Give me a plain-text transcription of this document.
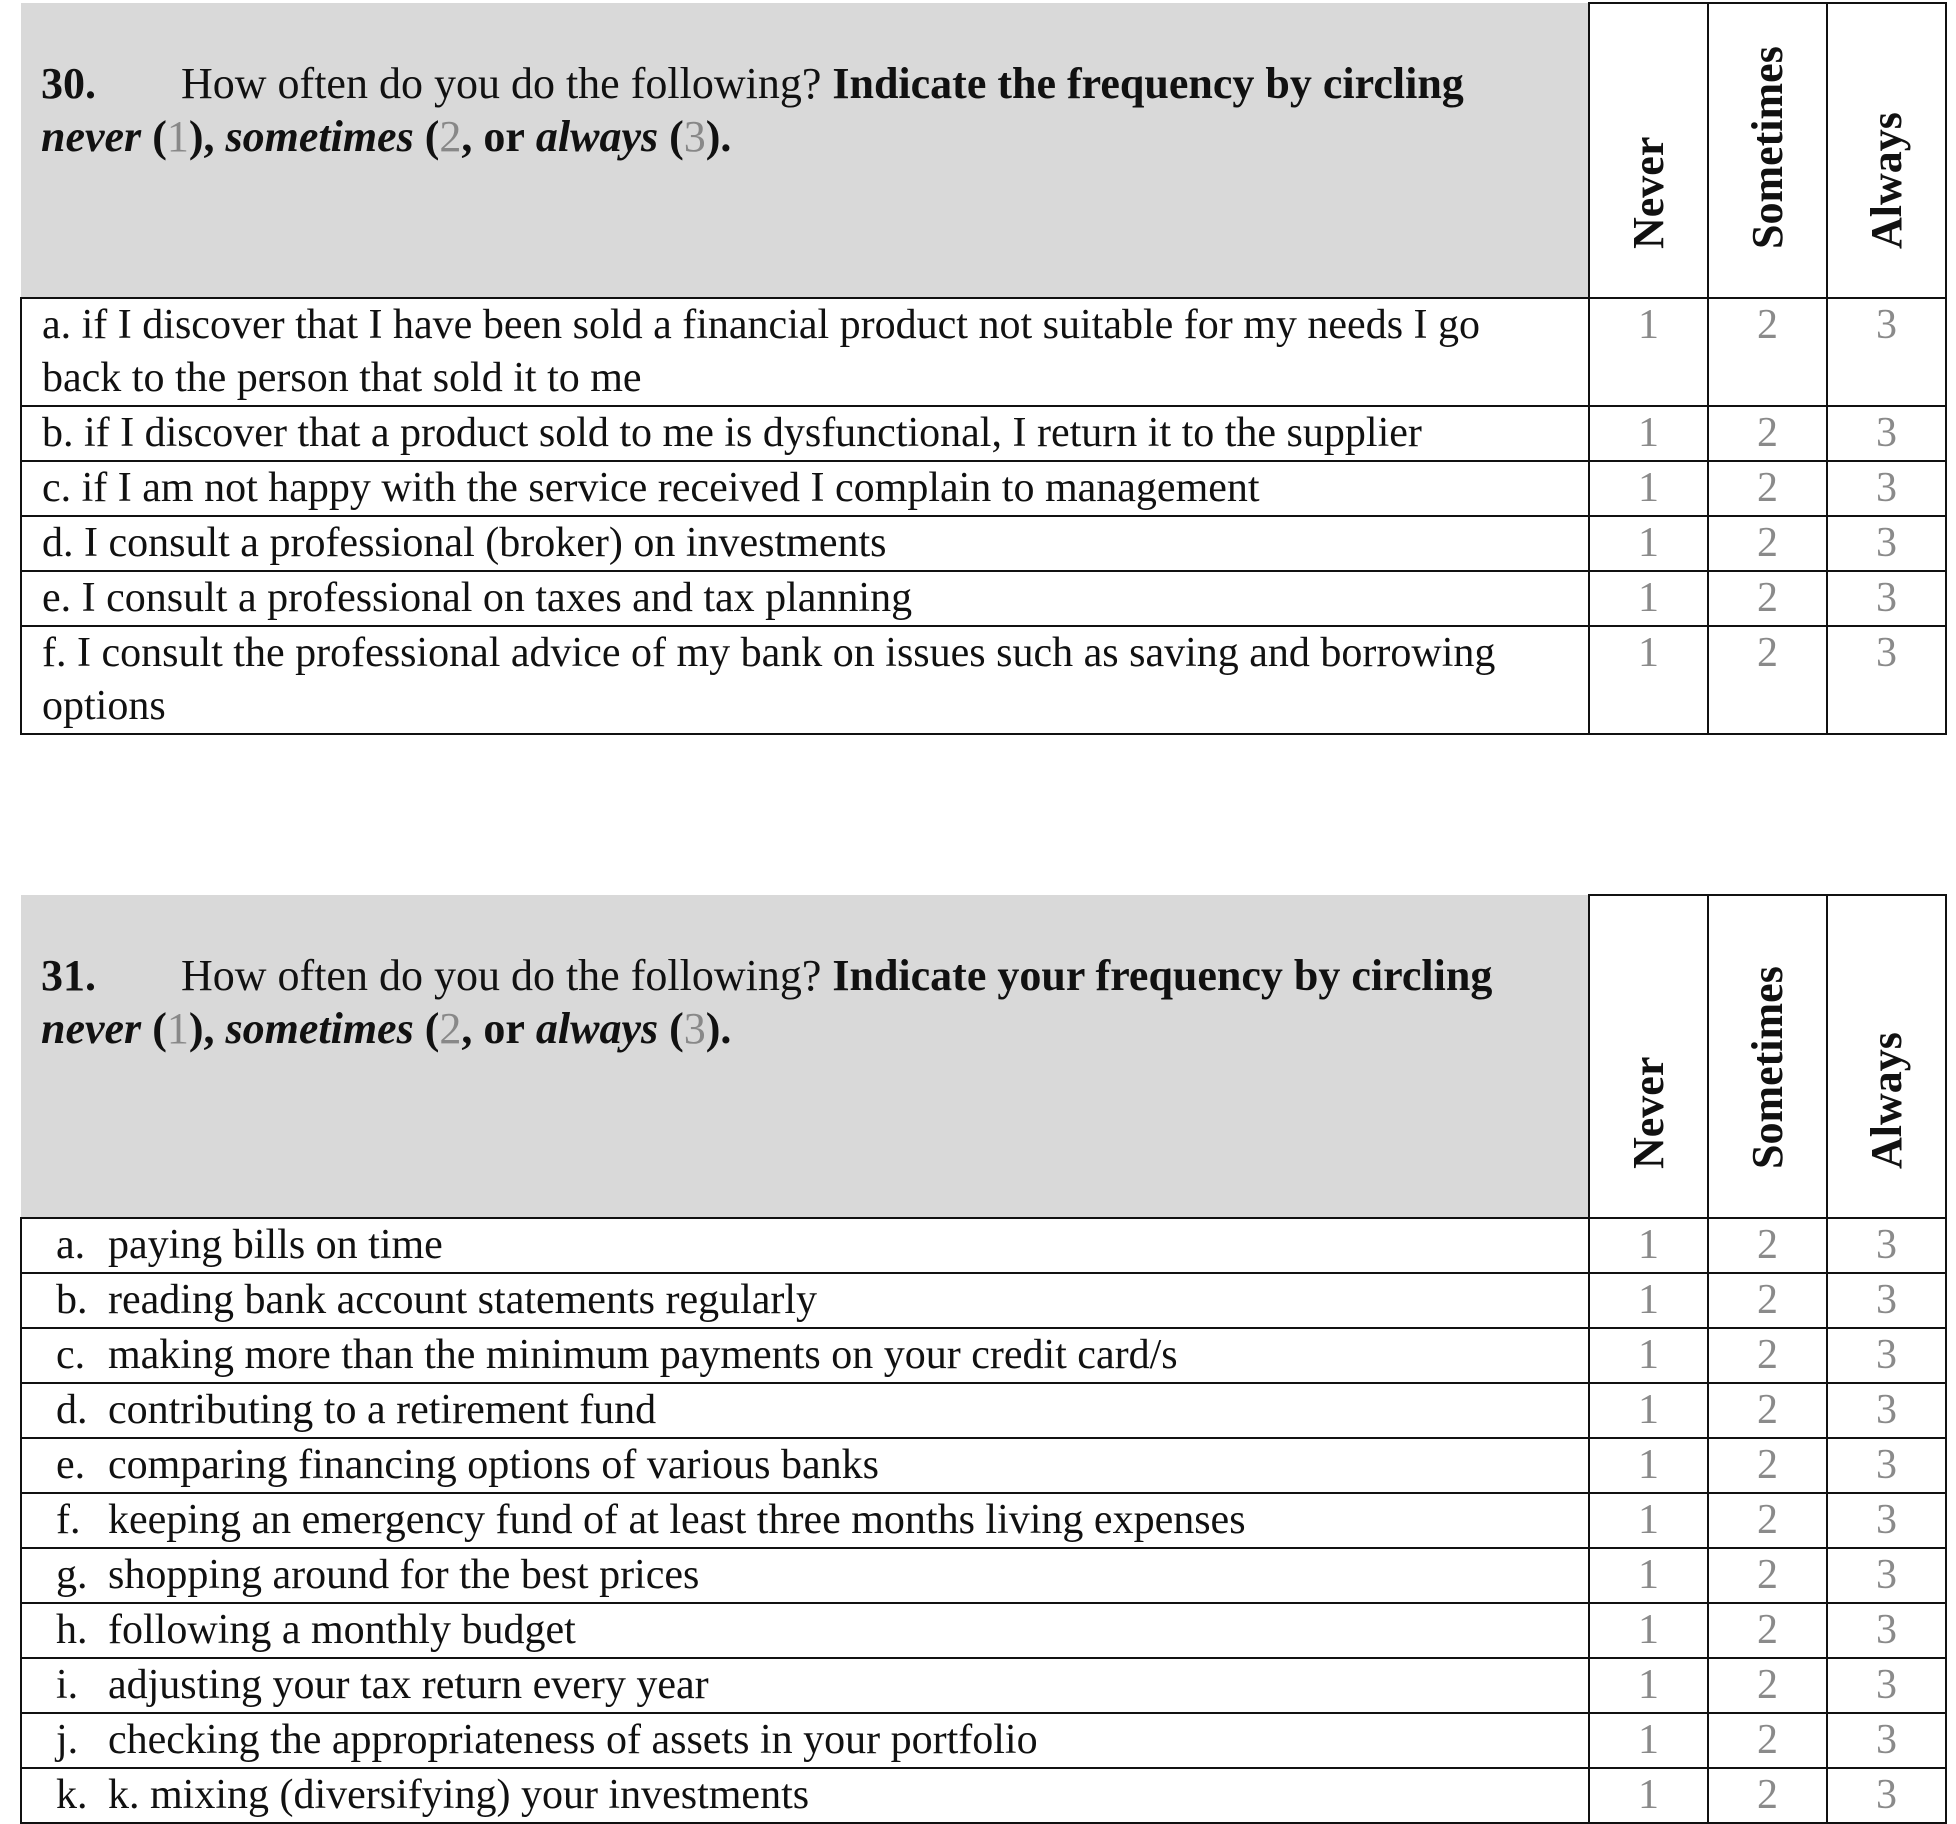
30. How often do you do the following? Indicate the frequency by circling never (1), sometimes (2, or always (3).	Never	Sometimes	Always

a. if I discover that I have been sold a financial product not suitable for my needs I go back to the person that sold it to me	1	2	3
b. if I discover that a product sold to me is dysfunctional, I return it to the supplier	1	2	3
c. if I am not happy with the service received I complain to management	1	2	3
d. I consult a professional (broker) on investments	1	2	3
e. I consult a professional on taxes and tax planning	1	2	3
f. I consult the professional advice of my bank on issues such as saving and borrowing options	1	2	3
31. How often do you do the following? Indicate your frequency by circling never (1), sometimes (2, or always (3).	Never	Sometimes	Always

a. paying bills on time	1	2	3
b. reading bank account statements regularly	1	2	3
c. making more than the minimum payments on your credit card/s	1	2	3
d. contributing to a retirement fund	1	2	3
e. comparing financing options of various banks	1	2	3
f. keeping an emergency fund of at least three months living expenses	1	2	3
g. shopping around for the best prices	1	2	3
h. following a monthly budget	1	2	3
i. adjusting your tax return every year	1	2	3
j. checking the appropriateness of assets in your portfolio	1	2	3
k. k. mixing (diversifying) your investments	1	2	3
